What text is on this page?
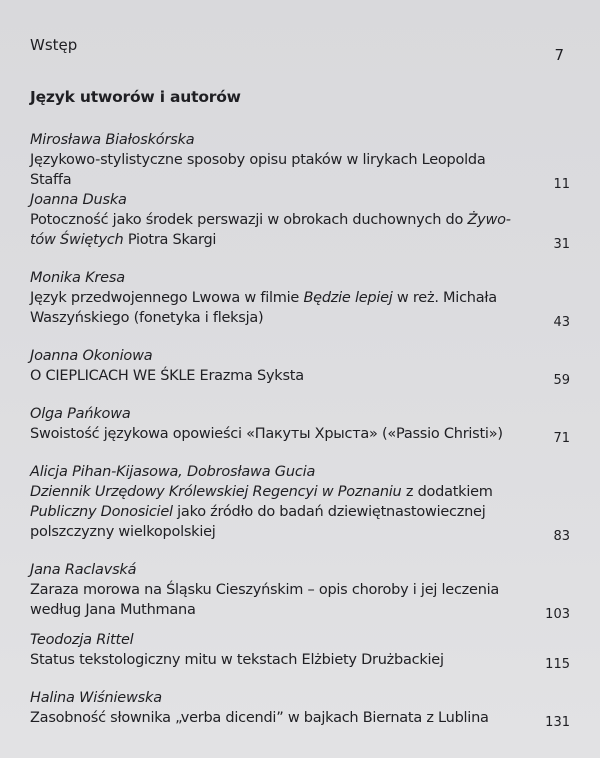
Wstęp
7
Język utworów i autorów
Mirosława Białoskórska
Językowo-stylistyczne sposoby opisu ptaków w lirykach Leopolda Staffa	11
Joanna Duska
Potoczność jako środek perswazji w obrokach duchownych do Żywo-
tów Świętych Piotra Skargi	31
Monika Kresa
Język przedwojennego Lwowa w filmie Będzie lepiej w reż. Michała Waszyńskiego (fonetyka i fleksja)	43
Joanna Okoniowa
O CIEPLICACH WE ŚKLE Erazma Syksta	59
Olga Pańkowa
Swoistość językowa opowieści «Пакуты Хрыста» («Passio Christi»)	71
Alicja Pihan-Kijasowa, Dobrosława Gucia
Dziennik Urzędowy Królewskiej Regencyi w Poznaniu z dodatkiem Publiczny Donosiciel jako źródło do badań dziewiętnastowiecznej polszczyzny wielkopolskiej	83
Jana Raclavská
Zaraza morowa na Śląsku Cieszyńskim – opis choroby i jej leczenia według Jana Muthmana	103
Teodozja Rittel
Status tekstologiczny mitu w tekstach Elżbiety Drużbackiej	115
Halina Wiśniewska
Zasobność słownika „verba dicendi” w bajkach Biernata z Lublina	131
